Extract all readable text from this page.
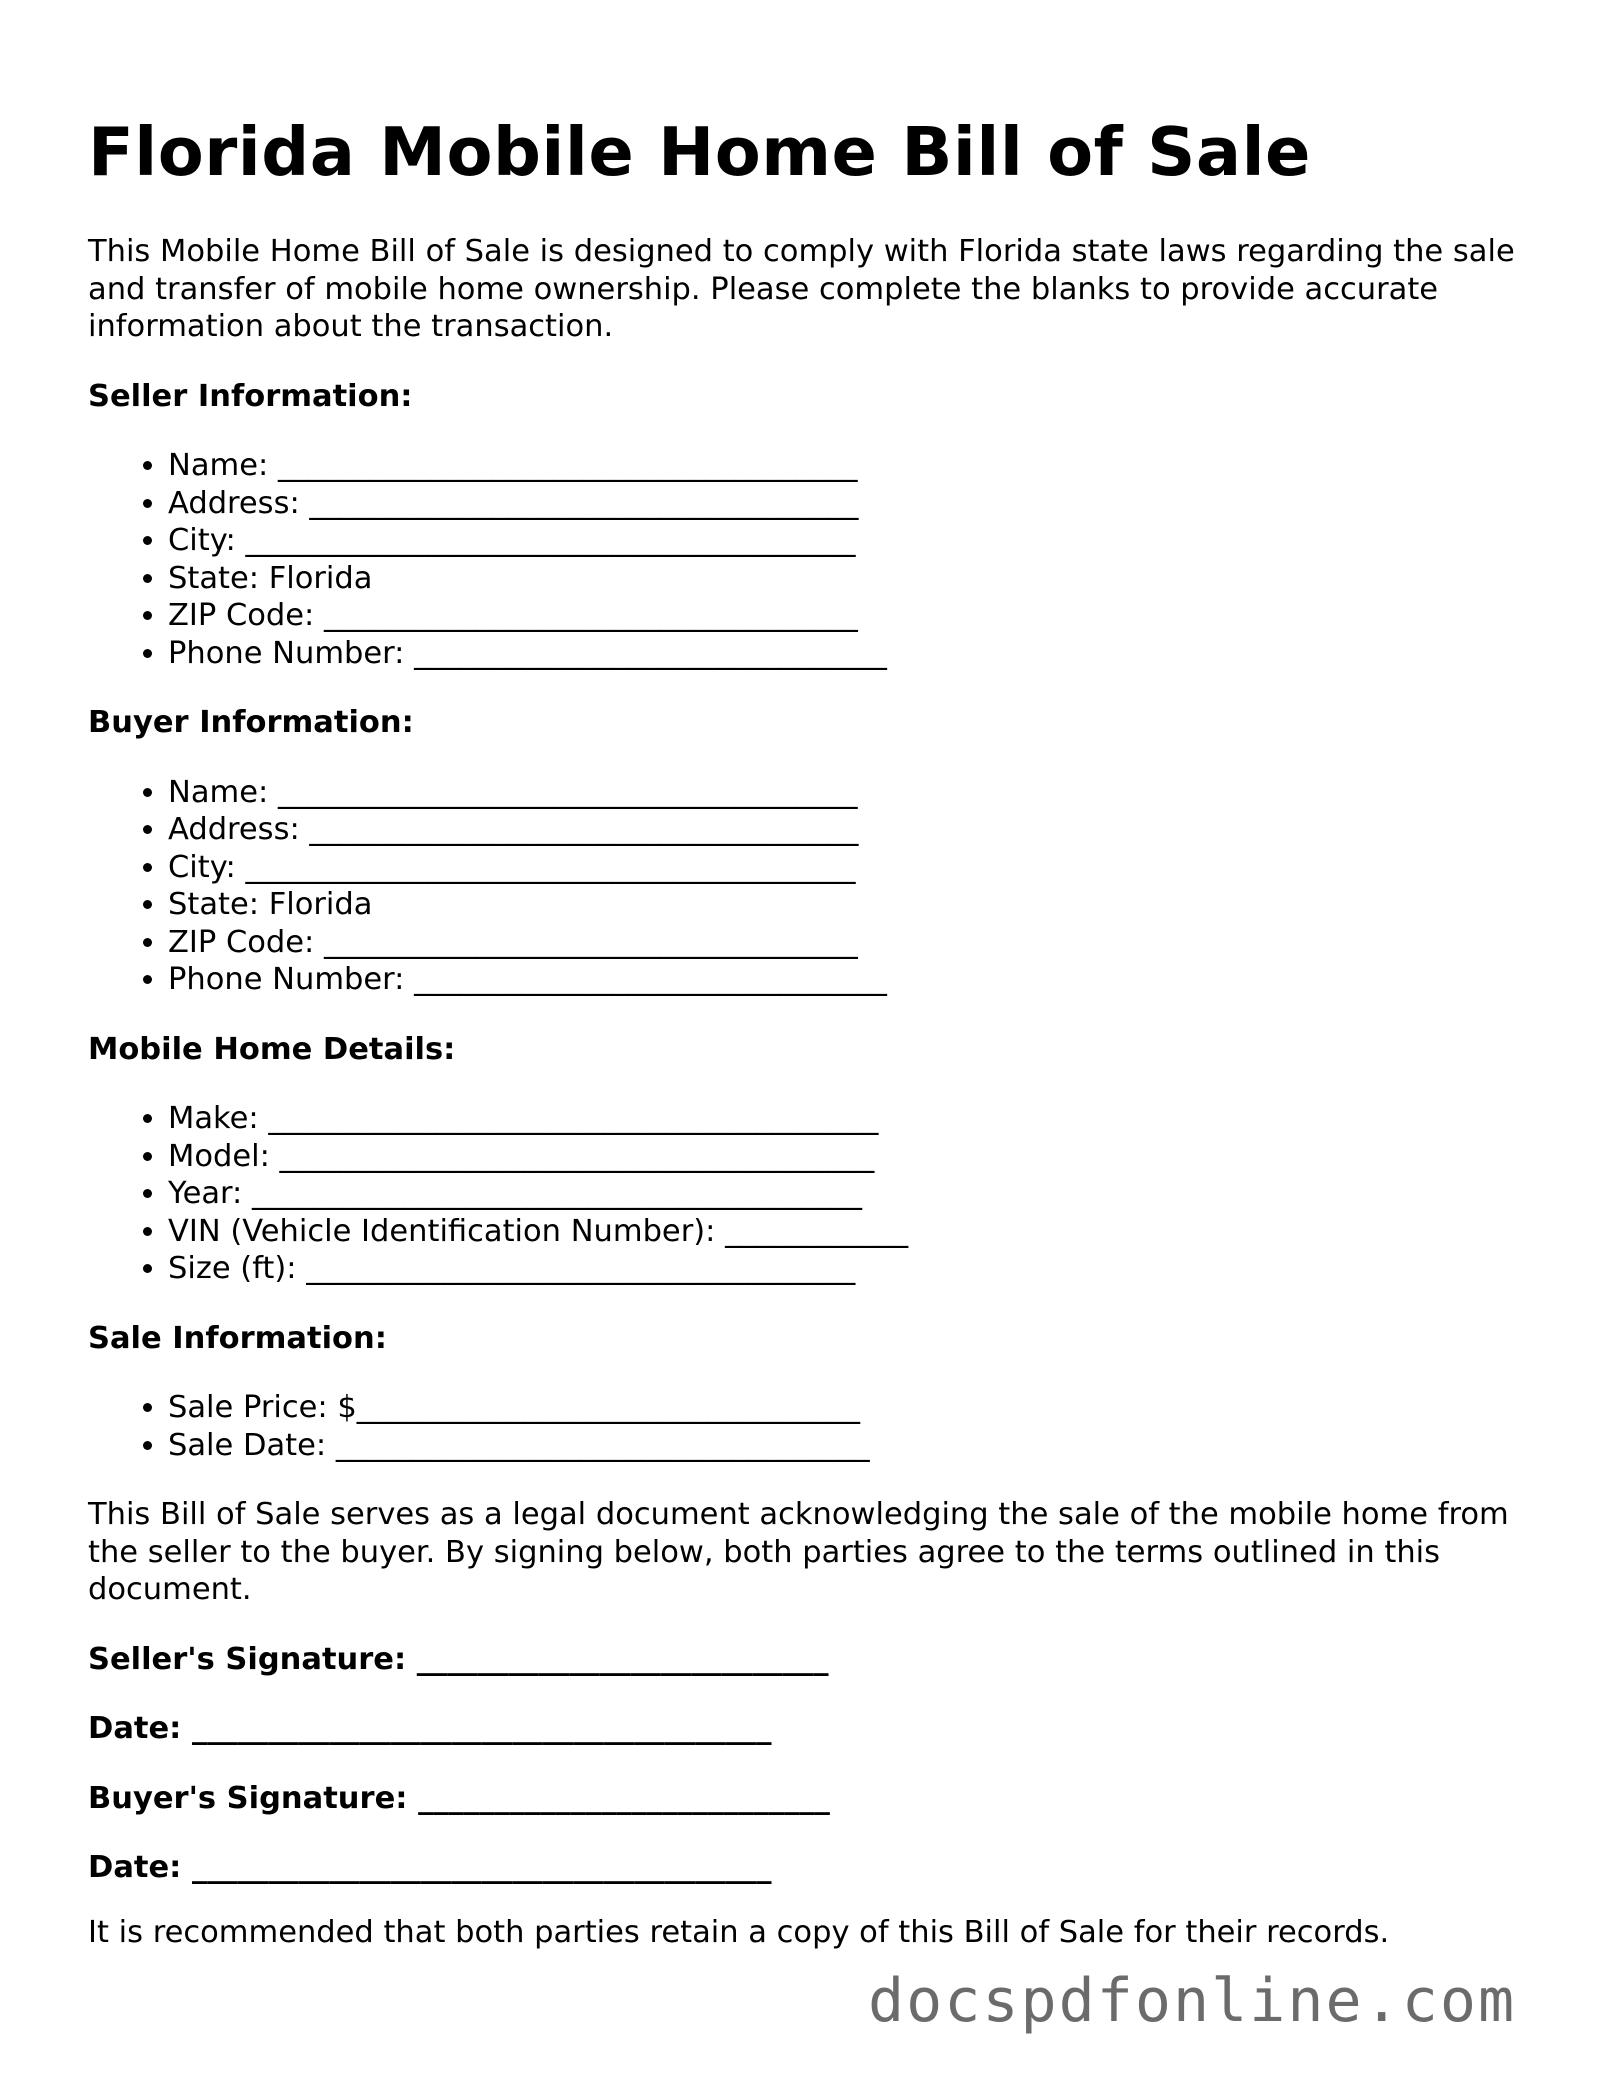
Florida Mobile Home Bill of Sale

This Mobile Home Bill of Sale is designed to comply with Florida state laws regarding the sale and transfer of mobile home ownership. Please complete the blanks to provide accurate information about the transaction.

Seller Information:

• Name: ______________________________________
• Address: ____________________________________
• City: ________________________________________
• State: Florida
• ZIP Code: ___________________________________
• Phone Number: _______________________________

Buyer Information:

• Name: ______________________________________
• Address: ____________________________________
• City: ________________________________________
• State: Florida
• ZIP Code: ___________________________________
• Phone Number: _______________________________

Mobile Home Details:

• Make: ________________________________________
• Model: _______________________________________
• Year: ________________________________________
• VIN (Vehicle Identification Number): ____________
• Size (ft): ____________________________________

Sale Information:

• Sale Price: $_________________________________
• Sale Date: ___________________________________

This Bill of Sale serves as a legal document acknowledging the sale of the mobile home from the seller to the buyer. By signing below, both parties agree to the terms outlined in this document.

Seller's Signature: ___________________________

Date: ______________________________________

Buyer's Signature: ___________________________

Date: ______________________________________

It is recommended that both parties retain a copy of this Bill of Sale for their records.

docspdfonline.com
